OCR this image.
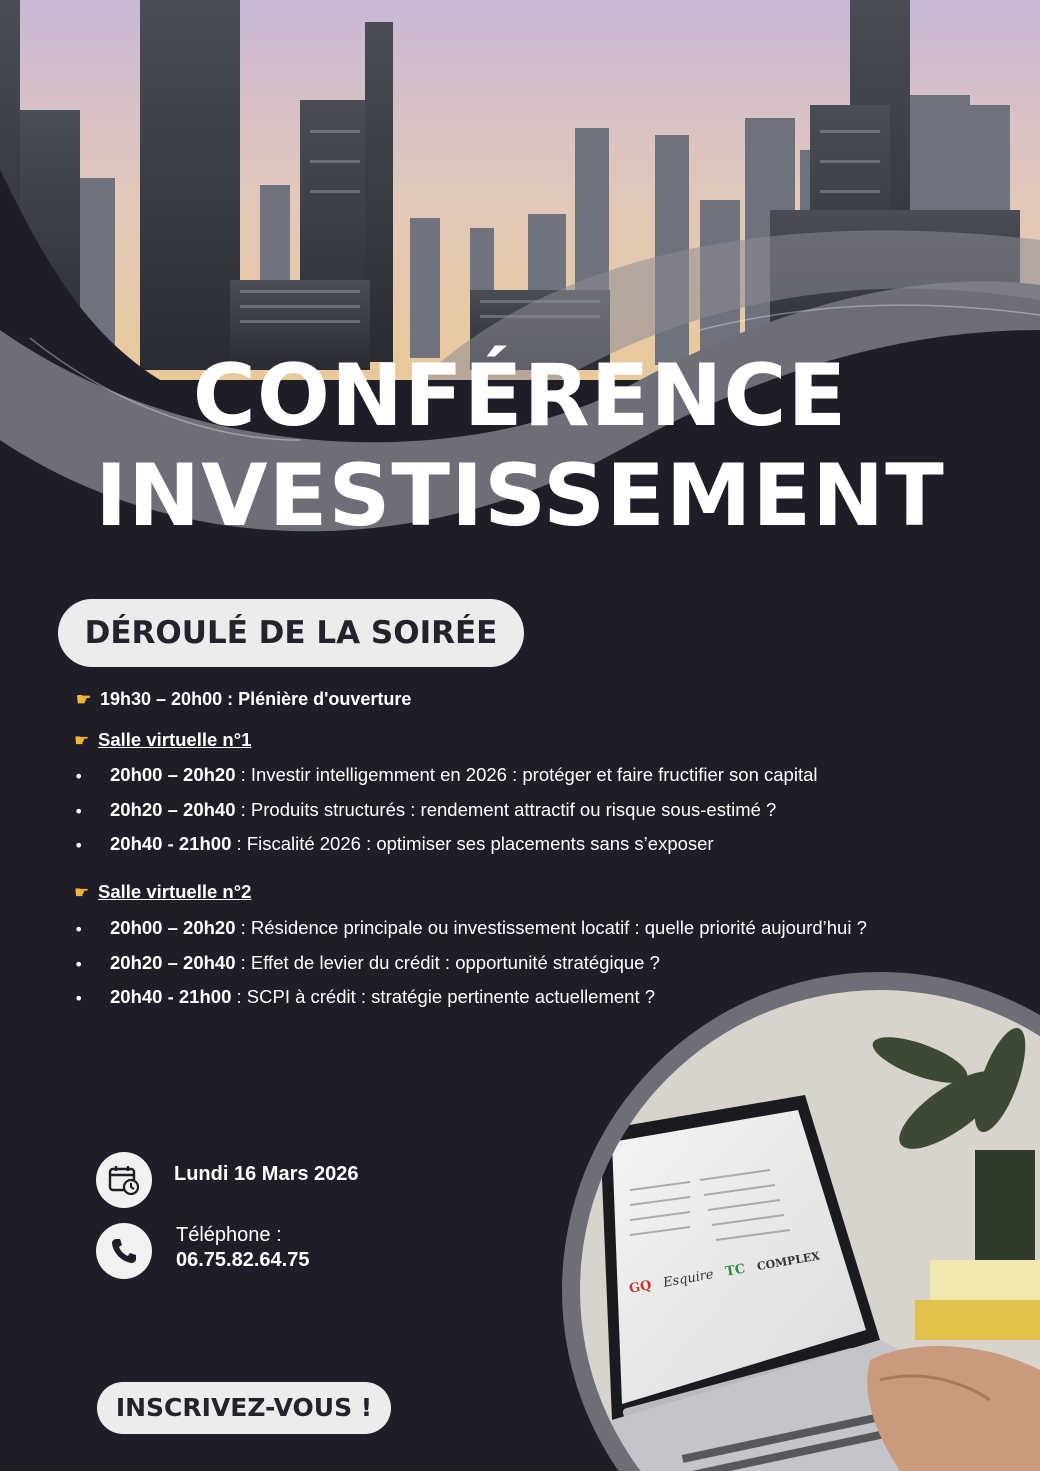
GQ Esquire TC COMPLEX
CONFÉRENCE
INVESTISSEMENT
DÉROULÉ DE LA SOIRÉE
☛ 19h30 – 20h00 : Plénière d'ouverture
☛ Salle virtuelle n°1
• 20h00 – 20h20 : Investir intelligemment en 2026 : protéger et faire fructifier son capital
• 20h20 – 20h40 : Produits structurés : rendement attractif ou risque sous-estimé ?
• 20h40 - 21h00 : Fiscalité 2026 : optimiser ses placements sans s’exposer
☛ Salle virtuelle n°2
• 20h00 – 20h20 : Résidence principale ou investissement locatif : quelle priorité aujourd’hui ?
• 20h20 – 20h40 : Effet de levier du crédit : opportunité stratégique ?
• 20h40 - 21h00 : SCPI à crédit : stratégie pertinente actuellement ?
Lundi 16 Mars 2026
Téléphone :
06.75.82.64.75
INSCRIVEZ-VOUS !
